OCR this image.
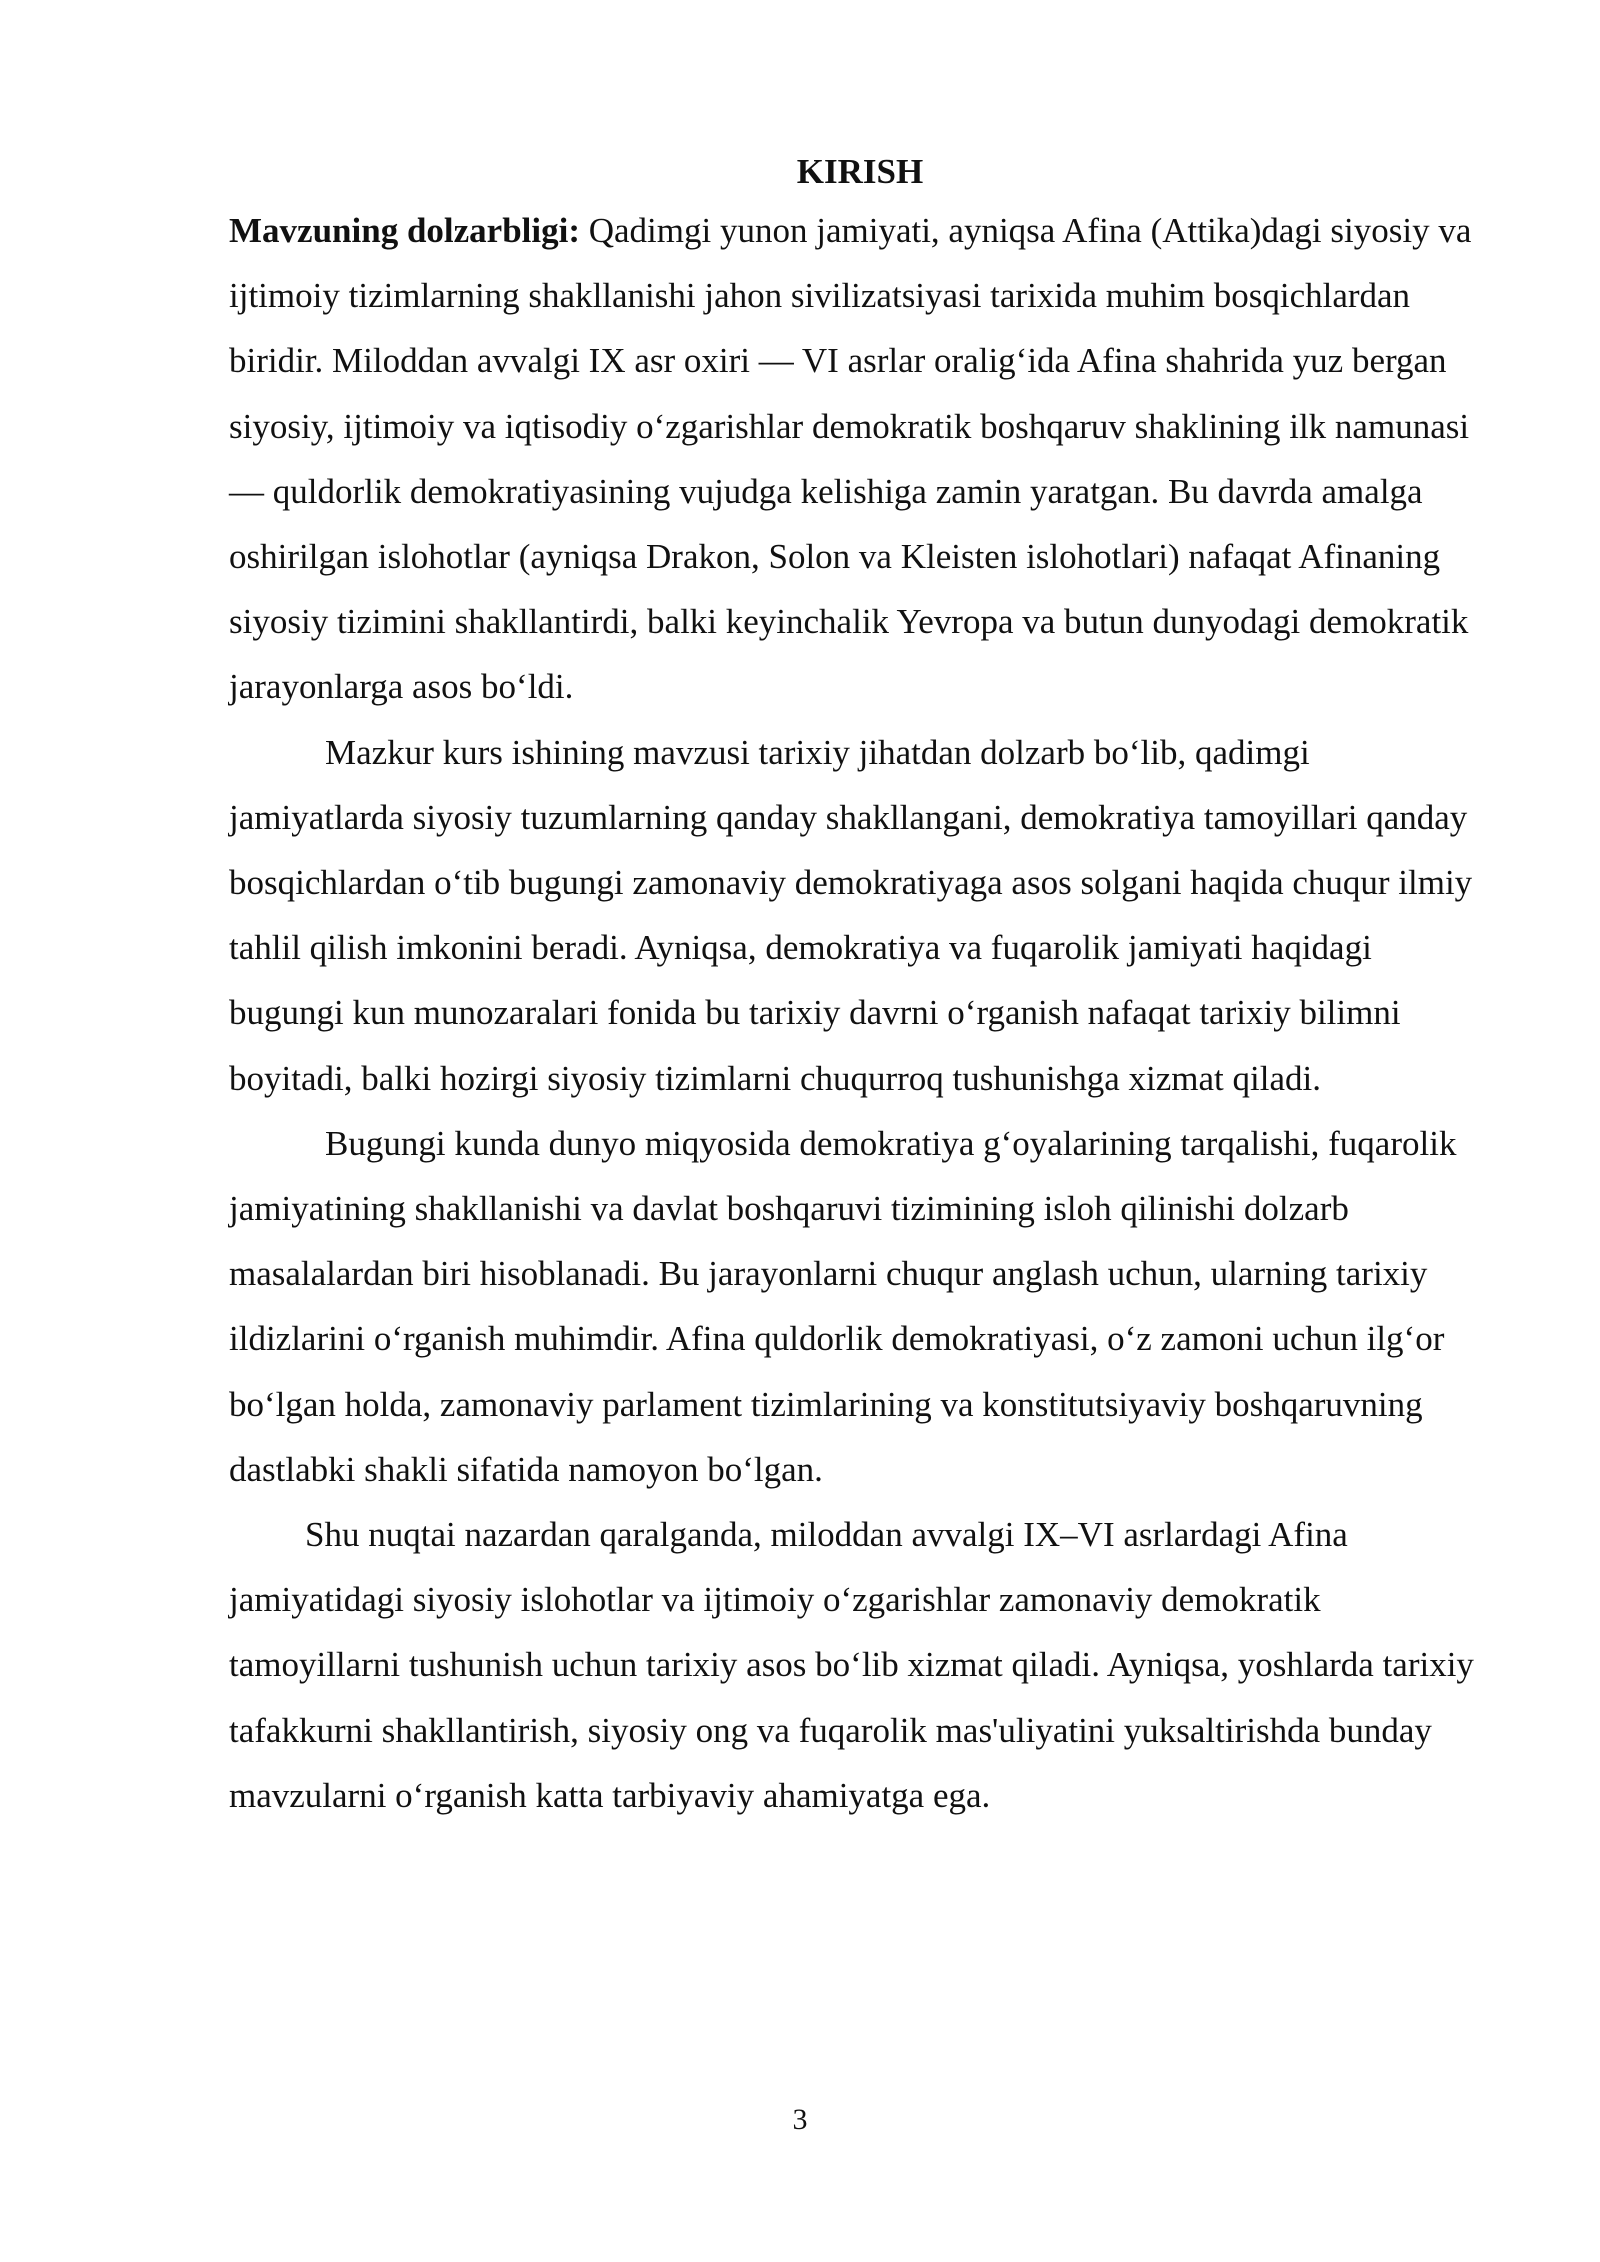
KIRISH

Mavzuning dolzarbligi: Qadimgi yunon jamiyati, ayniqsa Afina (Attika)dagi siyosiy va ijtimoiy tizimlarning shakllanishi jahon sivilizatsiyasi tarixida muhim bosqichlardan biridir. Miloddan avvalgi IX asr oxiri — VI asrlar oralig‘ida Afina shahrida yuz bergan siyosiy, ijtimoiy va iqtisodiy o‘zgarishlar demokratik boshqaruv shaklining ilk namunasi — quldorlik demokratiyasining vujudga kelishiga zamin yaratgan. Bu davrda amalga oshirilgan islohotlar (ayniqsa Drakon, Solon va Kleisten islohotlari) nafaqat Afinaning siyosiy tizimini shakllantirdi, balki keyinchalik Yevropa va butun dunyodagi demokratik jarayonlarga asos bo‘ldi.

Mazkur kurs ishining mavzusi tarixiy jihatdan dolzarb bo‘lib, qadimgi jamiyatlarda siyosiy tuzumlarning qanday shakllangani, demokratiya tamoyillari qanday bosqichlardan o‘tib bugungi zamonaviy demokratiyaga asos solgani haqida chuqur ilmiy tahlil qilish imkonini beradi. Ayniqsa, demokratiya va fuqarolik jamiyati haqidagi bugungi kun munozaralari fonida bu tarixiy davrni o‘rganish nafaqat tarixiy bilimni boyitadi, balki hozirgi siyosiy tizimlarni chuqurroq tushunishga xizmat qiladi.

Bugungi kunda dunyo miqyosida demokratiya g‘oyalarining tarqalishi, fuqarolik jamiyatining shakllanishi va davlat boshqaruvi tizimining isloh qilinishi dolzarb masalalardan biri hisoblanadi. Bu jarayonlarni chuqur anglash uchun, ularning tarixiy ildizlarini o‘rganish muhimdir. Afina quldorlik demokratiyasi, o‘z zamoni uchun ilg‘or bo‘lgan holda, zamonaviy parlament tizimlarining va konstitutsiyaviy boshqaruvning dastlabki shakli sifatida namoyon bo‘lgan.

Shu nuqtai nazardan qaralganda, miloddan avvalgi IX–VI asrlardagi Afina jamiyatidagi siyosiy islohotlar va ijtimoiy o‘zgarishlar zamonaviy demokratik tamoyillarni tushunish uchun tarixiy asos bo‘lib xizmat qiladi. Ayniqsa, yoshlarda tarixiy tafakkurni shakllantirish, siyosiy ong va fuqarolik mas'uliyatini yuksaltirishda bunday mavzularni o‘rganish katta tarbiyaviy ahamiyatga ega.

3
